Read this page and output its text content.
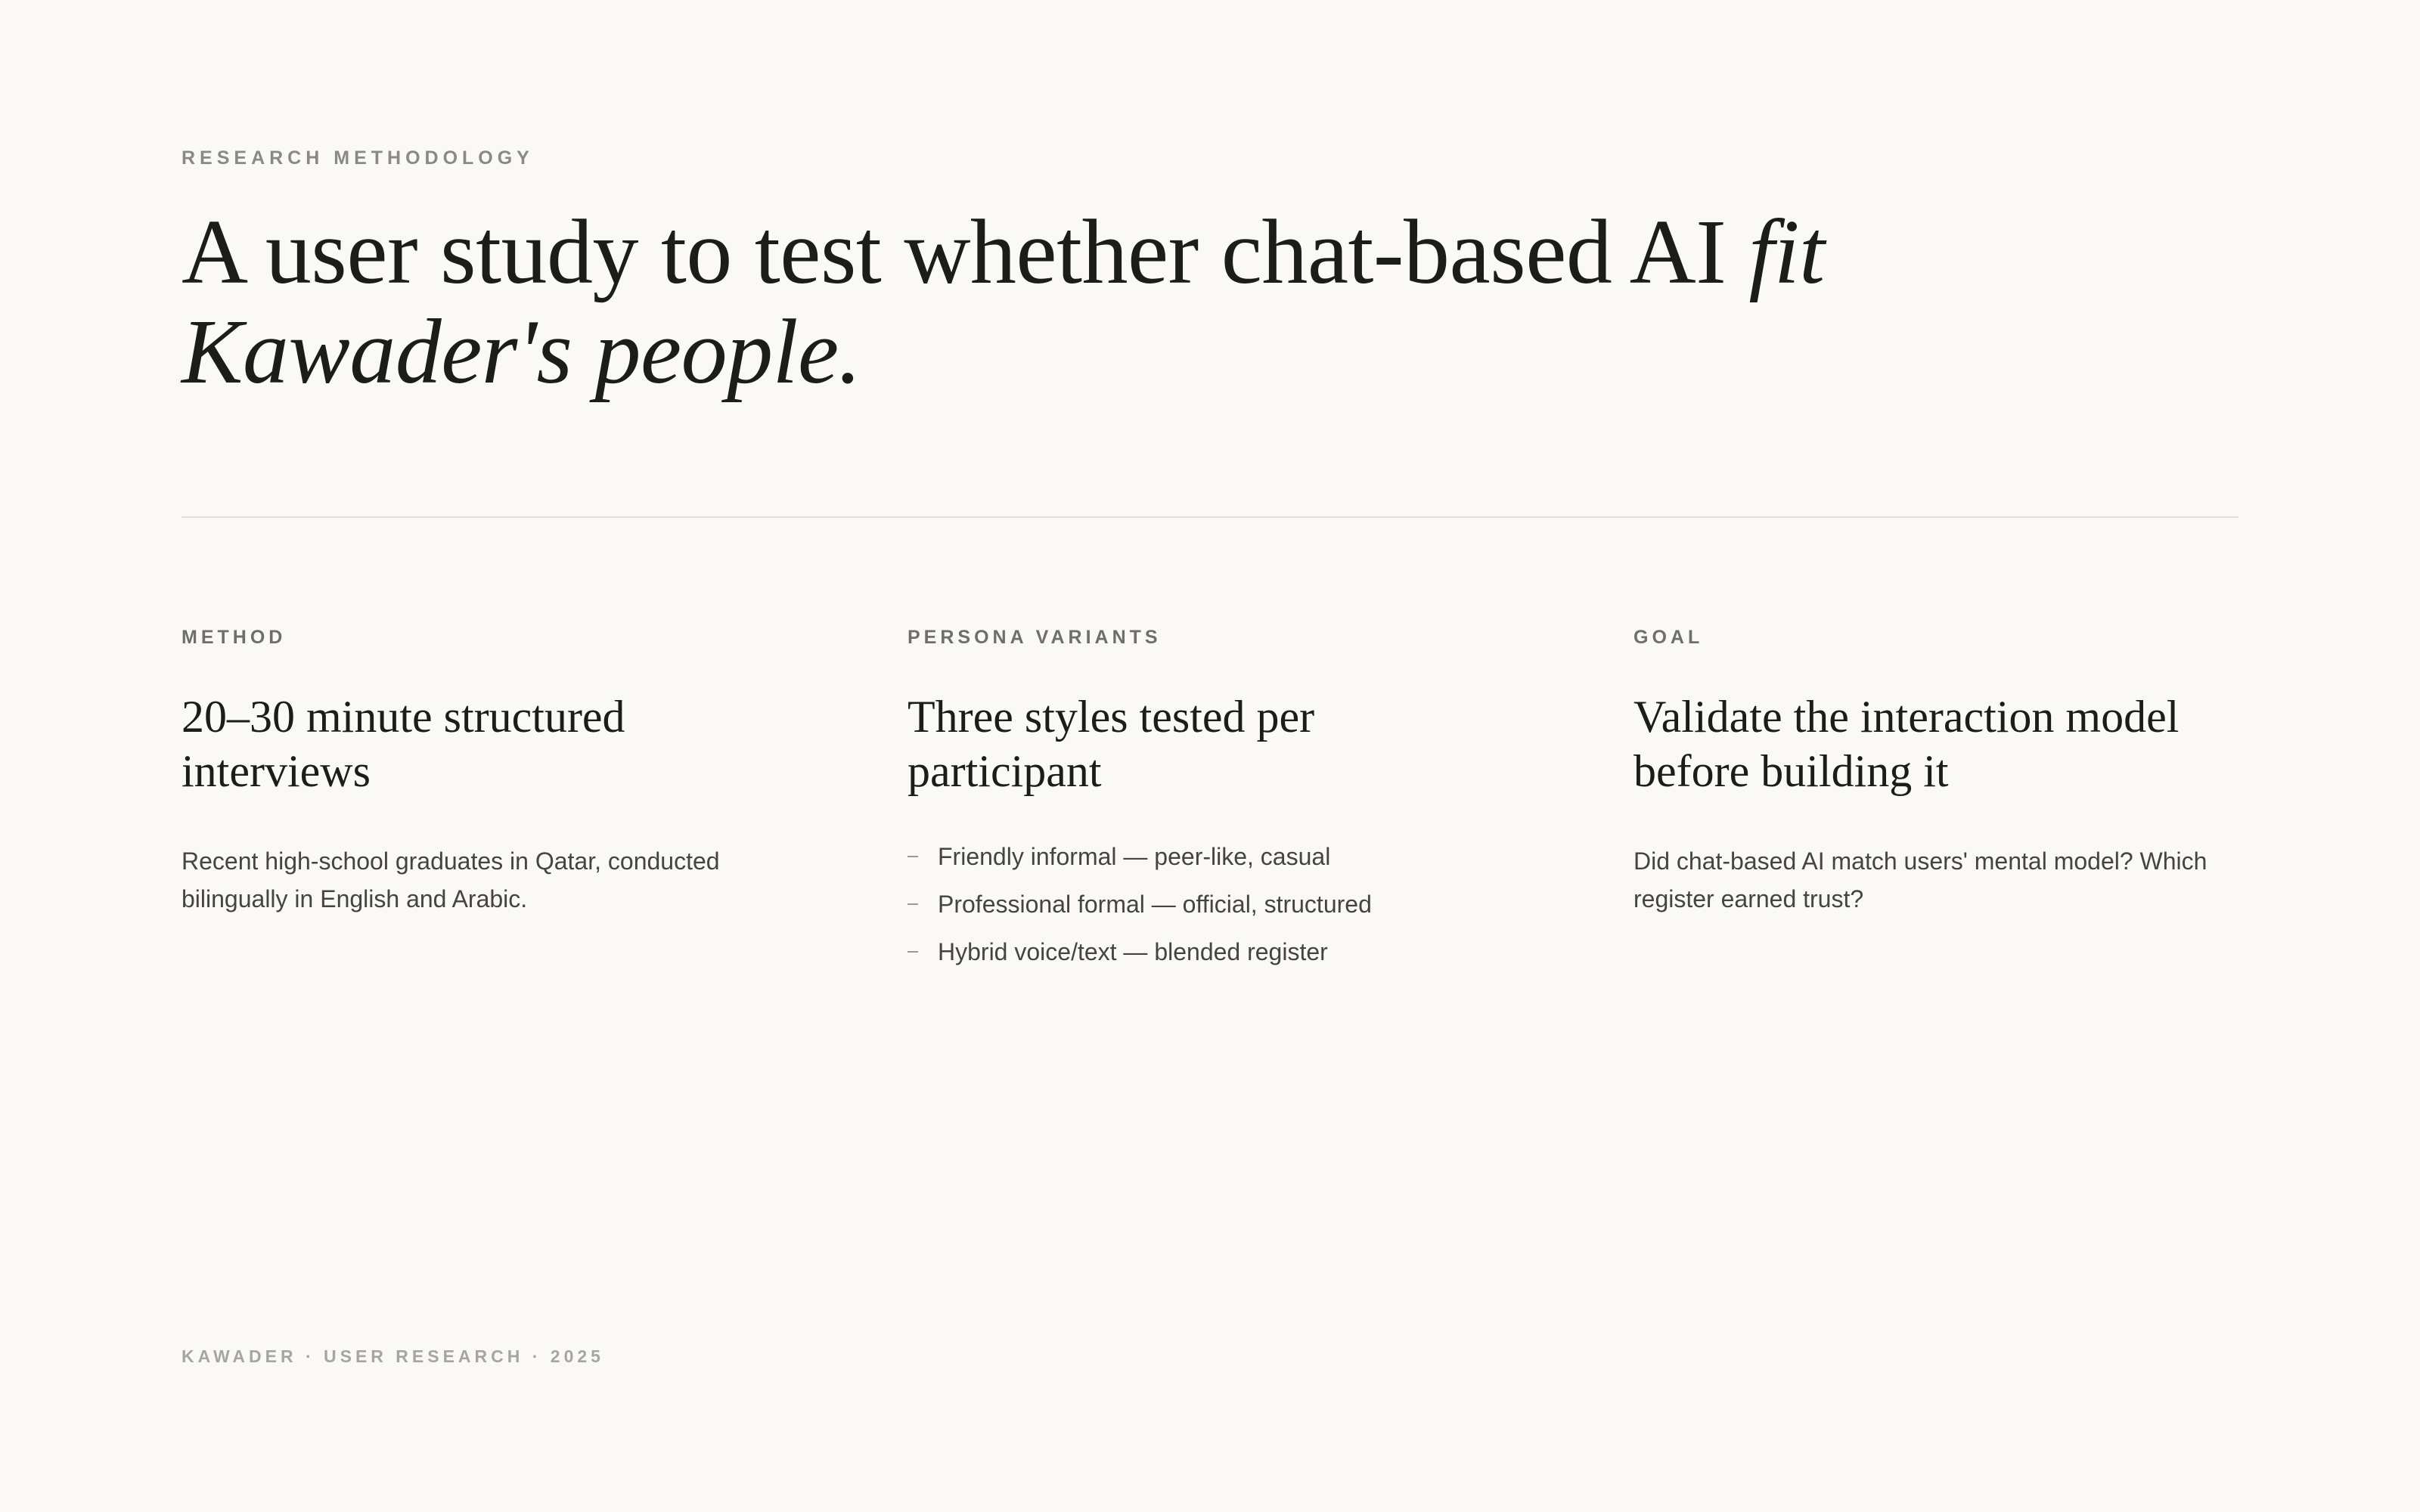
RESEARCH METHODOLOGY
A user study to test whether chat-based AI fit Kawader's people.

METHOD

20–30 minute structured interviews

Recent high-school graduates in Qatar, conducted bilingually in English and Arabic.

PERSONA VARIANTS

Three styles tested per participant
Friendly informal — peer-like, casual
Professional formal — official, structured
Hybrid voice/text — blended register

GOAL

Validate the interaction model before building it

Did chat-based AI match users' mental model? Which register earned trust?

KAWADER · USER RESEARCH · 2025
